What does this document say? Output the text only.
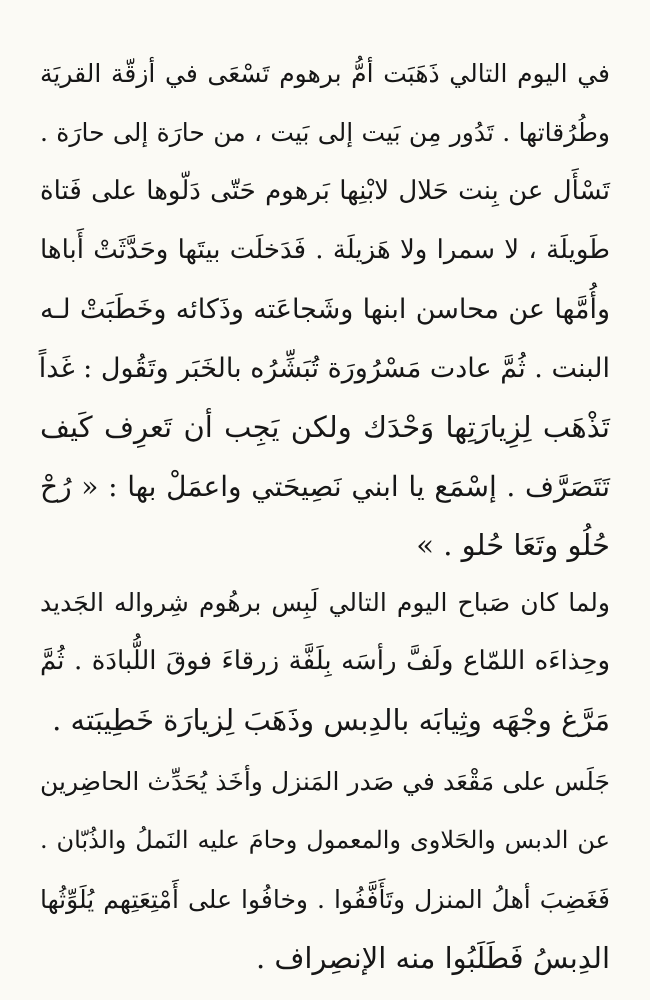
في اليوم التالي ذَهَبَت أمُّ برهوم تَسْعَى في أزقّة القريَة
وطُرُقاتها . تَدُور مِن بَيت إلى بَيت ، من حارَة إلى حارَة .
تَسْأَل عن بِنت حَلال لابْنِها بَرهوم حَتّى دَلّوها على فَتاة
طَويلَة ، لا سمرا ولا هَزيلَة . فَدَخلَت بيتَها وحَدَّثَتْ أَباها
وأُمَّها عن محاسن ابنها وشَجاعَته وذَكائه وخَطَبَتْ لـه
البنت . ثُمَّ عادت مَسْرُورَة تُبَشِّرُه بالخَبَر وتَقُول : غَداً
تَذْهَب لِزِيارَتِها وَحْدَك ولكن يَجِب أن تَعرِف كَيف
تَتَصَرَّف . إسْمَع يا ابني نَصِيحَتي واعمَلْ بها : « رُحْ
حُلُو وتَعَا حُلو . »
ولما كان صَباح اليوم التالي لَبِس برهُوم شِرواله الجَديد
وحِذاءَه اللمّاع ولَفَّ رأسَه بِلَفَّة زرقاءَ فوقَ اللُّبادَة . ثُمَّ
مَرَّغ وجْهَه وثِيابَه بالدِبس وذَهَبَ لِزيارَة خَطِيبَته .
جَلَس على مَقْعَد في صَدر المَنزل وأخَذ يُحَدِّث الحاضِرين
عن الدبس والحَلاوى والمعمول وحامَ عليه النَملُ والذُبّان .
فَغَضِبَ أهلُ المنزل وتَأَفَّفُوا . وخافُوا على أَمْتِعَتِهم يُلَوِّثُها
الدِبسُ فَطَلَبُوا منه الإنصِراف .
